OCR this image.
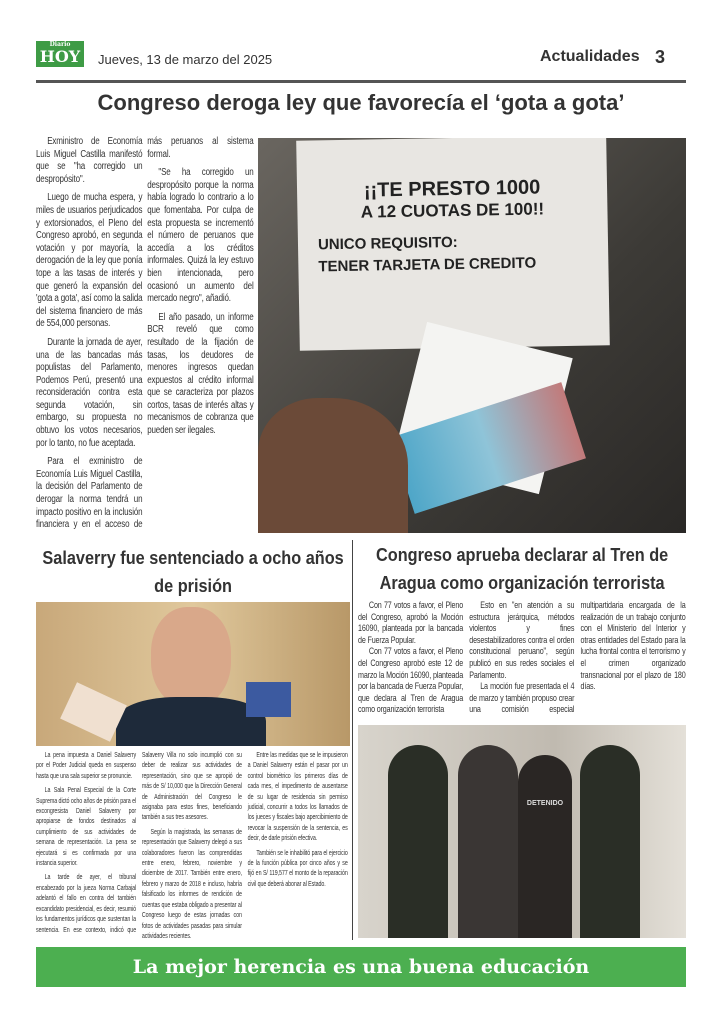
Diario
HOY Jueves, 13 de marzo del 2025	Actualidades 3
Congreso deroga ley que favorecía el ‘gota a gota’

Exministro de Economía Luis Miguel Castilla manifestó que se "ha corregido un despropósito".

Luego de mucha espera, y miles de usuarios perjudicados y extorsionados, el Pleno del Congreso aprobó, en segunda votación y por mayoría, la derogación de la ley que ponía tope a las tasas de interés y que generó la expansión del 'gota a gota', así como la salida del sistema financiero de más de 554,000 personas.

Durante la jornada de ayer, una de las bancadas más populistas del Parlamento, Podemos Perú, presentó una reconsideración contra esta segunda votación, sin embargo, su propuesta no obtuvo los votos necesarios, por lo tanto, no fue aceptada.

Para el exministro de Economía Luis Miguel Castilla, la decisión del Parlamento de derogar la norma tendrá un impacto positivo en la inclusión financiera y en el acceso de más peruanos al sistema formal.

"Se ha corregido un despropósito porque la norma había logrado lo contrario a lo que fomentaba. Por culpa de esta propuesta se incrementó el número de peruanos que accedía a los créditos informales. Quizá la ley estuvo bien intencionada, pero ocasionó un aumento del mercado negro", añadió.

El año pasado, un informe BCR reveló que como resultado de la fijación de tasas, los deudores de menores ingresos quedan expuestos al crédito informal que se caracteriza por plazos cortos, tasas de interés altas y mecanismos de cobranza que pueden ser ilegales.

¡¡TE PRESTO 1000
A 12 CUOTAS DE 100!!
UNICO REQUISITO:
TENER TARJETA DE CREDITO
Salaverry fue sentenciado a ocho años de prisión

La pena impuesta a Daniel Salaverry por el Poder Judicial queda en suspenso hasta que una sala superior se pronuncie.

La Sala Penal Especial de la Corte Suprema dictó ocho años de prisión para el excongresista Daniel Salaverry por apropiarse de fondos destinados al cumplimiento de sus actividades de semana de representación. La pena se ejecutará si es confirmada por una instancia superior.

La tarde de ayer, el tribunal encabezado por la jueza Norma Carbajal adelantó el fallo en contra del también excandidato presidencial, es decir, resumió los fundamentos jurídicos que sustentan la sentencia. En ese contexto, indicó que Salaverry Villa no solo incumplió con su deber de realizar sus actividades de representación, sino que se apropió de más de S/ 10,000 que la Dirección General de Administración del Congreso le asignaba para estos fines, beneficiando también a sus tres asesores.

Según la magistrada, las semanas de representación que Salaverry delegó a sus colaboradores fueron las comprendidas entre enero, febrero, noviembre y diciembre de 2017. También entre enero, febrero y marzo de 2018 e incluso, habría falsificado los informes de rendición de cuentas que estaba obligado a presentar al Congreso luego de estas jornadas con fotos de actividades pasadas para simular actividades recientes.

Entre las medidas que se le impusieron a Daniel Salaverry están el pasar por un control biométrico los primeros días de cada mes, el impedimento de ausentarse de su lugar de residencia sin permiso judicial, concurrir a todos los llamados de los jueces y fiscales bajo apercibimiento de revocar la suspensión de la sentencia, es decir, de darle prisión efectiva.

También se le inhabilitó para el ejercicio de la función pública por cinco años y se fijó en S/ 119,577 el monto de la reparación civil que deberá abonar al Estado.

Congreso aprueba declarar al Tren de Aragua como organización terrorista

Con 77 votos a favor, el Pleno del Congreso, aprobó la Moción 16090, planteada por la bancada de Fuerza Popular.

Con 77 votos a favor, el Pleno del Congreso aprobó este 12 de marzo la Moción 16090, planteada por la bancada de Fuerza Popular, que declara al Tren de Aragua como organización terrorista

Esto en "en atención a su estructura jerárquica, métodos violentos y fines desestabilizadores contra el orden constitucional peruano", según publicó en sus redes sociales el Parlamento.

La moción fue presentada el 4 de marzo y también propuso crear una comisión especial multipartidaria encargada de la realización de un trabajo conjunto con el Ministerio del Interior y otras entidades del Estado para la lucha frontal contra el terrorismo y el crimen organizado transnacional por el plazo de 180 días.

DETENIDO
La mejor herencia es una buena educación
